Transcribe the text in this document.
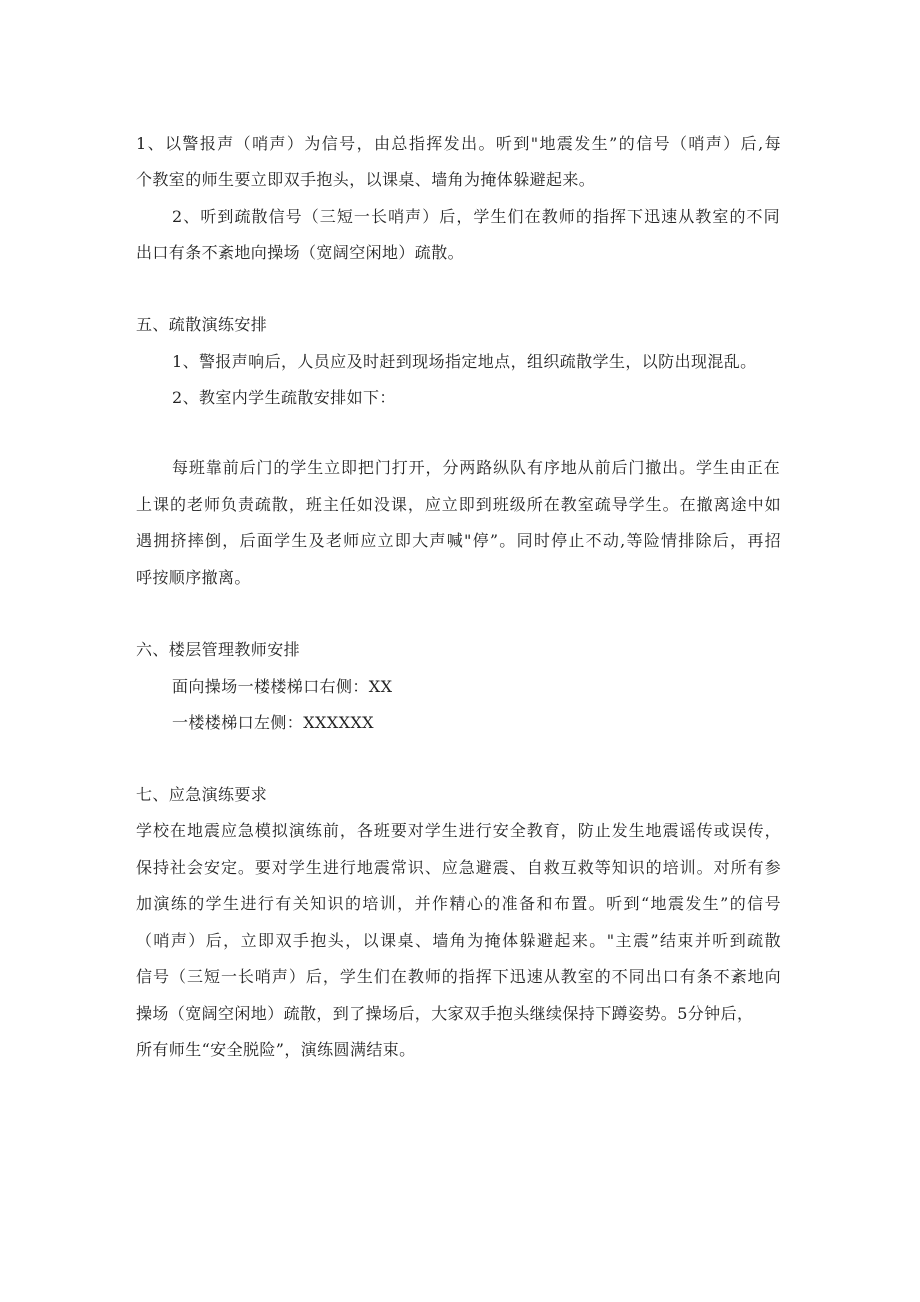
1、以警报声（哨声）为信号，由总指挥发出。听到"地震发生”的信号（哨声）后,每
个教室的师生要立即双手抱头，以课桌、墙角为掩体躲避起来。
2、听到疏散信号（三短一长哨声）后，学生们在教师的指挥下迅速从教室的不同
出口有条不紊地向操场（宽阔空闲地）疏散。
五、疏散演练安排
1、警报声响后，人员应及时赶到现场指定地点，组织疏散学生，以防出现混乱。
2、教室内学生疏散安排如下：
每班靠前后门的学生立即把门打开，分两路纵队有序地从前后门撤出。学生由正在
上课的老师负责疏散，班主任如没课，应立即到班级所在教室疏导学生。在撤离途中如
遇拥挤摔倒，后面学生及老师应立即大声喊"停”。同时停止不动,等险情排除后，再招
呼按顺序撤离。
六、楼层管理教师安排
面向操场一楼楼梯口右侧：XX
一楼楼梯口左侧：XXXXXX
七、应急演练要求
学校在地震应急模拟演练前，各班要对学生进行安全教育，防止发生地震谣传或误传，
保持社会安定。要对学生进行地震常识、应急避震、自救互救等知识的培训。对所有参
加演练的学生进行有关知识的培训，并作精心的准备和布置。听到“地震发生”的信号
（哨声）后，立即双手抱头，以课桌、墙角为掩体躲避起来。"主震”结束并听到疏散
信号（三短一长哨声）后，学生们在教师的指挥下迅速从教室的不同出口有条不紊地向
操场（宽阔空闲地）疏散，到了操场后，大家双手抱头继续保持下蹲姿势。5分钟后，
所有师生“安全脱险”，演练圆满结束。
